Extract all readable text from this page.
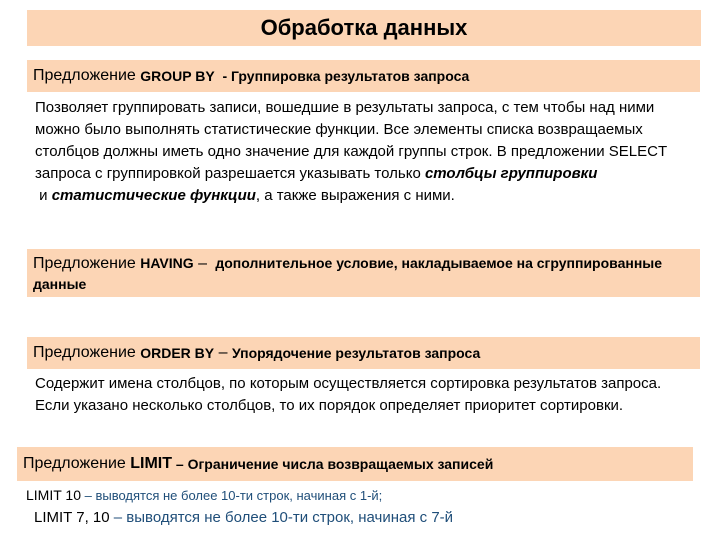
Обработка данных
Предложение GROUP BY - Группировка результатов запроса

Позволяет группировать записи, вошедшие в результаты запроса, с тем чтобы над ними можно было выполнять статистические функции. Все элементы списка возвращаемых столбцов должны иметь одно значение для каждой группы строк. В предложении SELECT запроса с группировкой разрешается указывать только столбцы группировки и статистические функции, а также выражения с ними.

Предложение HAVING –  дополнительное условие, накладываемое на сгруппированные данные
Предложение ORDER BY – Упорядочение результатов запроса

Содержит имена столбцов, по которым осуществляется сортировка результатов запроса. Если указано несколько столбцов, то их порядок определяет приоритет сортировки.

Предложение LIMIT – Ограничение числа возвращаемых записей
LIMIT 10 – выводятся не более 10-ти строк, начиная с 1-й;
LIMIT 7, 10 – выводятся не более 10-ти строк, начиная с 7-й
